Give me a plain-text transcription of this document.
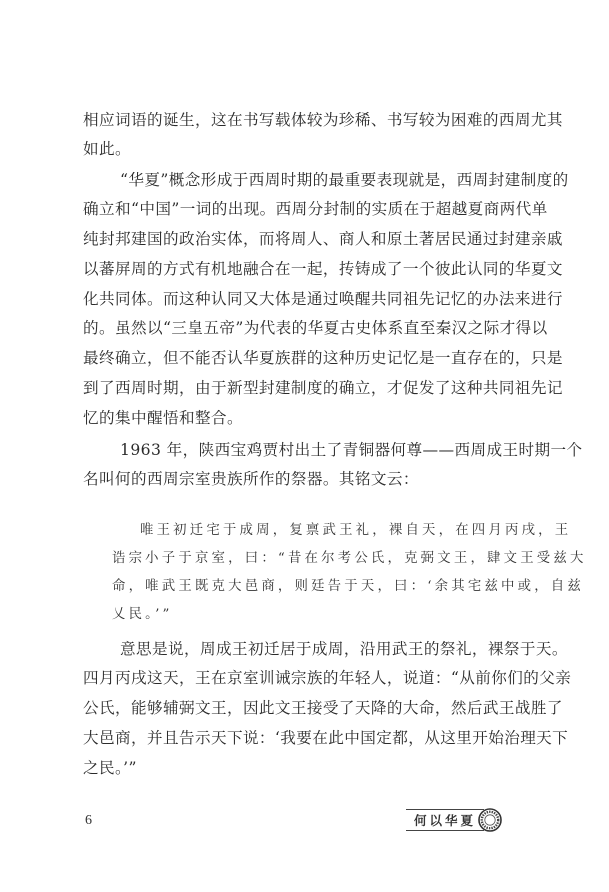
相应词语的诞生，这在书写载体较为珍稀、书写较为困难的西周尤其
如此。
“华夏”概念形成于西周时期的最重要表现就是，西周封建制度的
确立和“中国”一词的出现。西周分封制的实质在于超越夏商两代单
纯封邦建国的政治实体，而将周人、商人和原土著居民通过封建亲戚
以蕃屏周的方式有机地融合在一起，抟铸成了一个彼此认同的华夏文
化共同体。而这种认同又大体是通过唤醒共同祖先记忆的办法来进行
的。虽然以“三皇五帝”为代表的华夏古史体系直至秦汉之际才得以
最终确立，但不能否认华夏族群的这种历史记忆是一直存在的，只是
到了西周时期，由于新型封建制度的确立，才促发了这种共同祖先记
忆的集中醒悟和整合。
1963 年，陕西宝鸡贾村出土了青铜器何尊——西周成王时期一个
名叫何的西周宗室贵族所作的祭器。其铭文云：
唯王初迁宅于成周，复禀武王礼，裸自天，在四月丙戌，王
诰宗小子于京室，曰：“昔在尔考公氏，克弼文王，肆文王受兹大
命，唯武王既克大邑商，则廷告于天，曰：‘余其宅兹中或，自兹
乂民。’”
意思是说，周成王初迁居于成周，沿用武王的祭礼，裸祭于天。
四月丙戌这天，王在京室训诫宗族的年轻人，说道：“从前你们的父亲
公氏，能够辅弼文王，因此文王接受了天降的大命，然后武王战胜了
大邑商，并且告示天下说：‘我要在此中国定都，从这里开始治理天下
之民。’”
6	何以华夏
